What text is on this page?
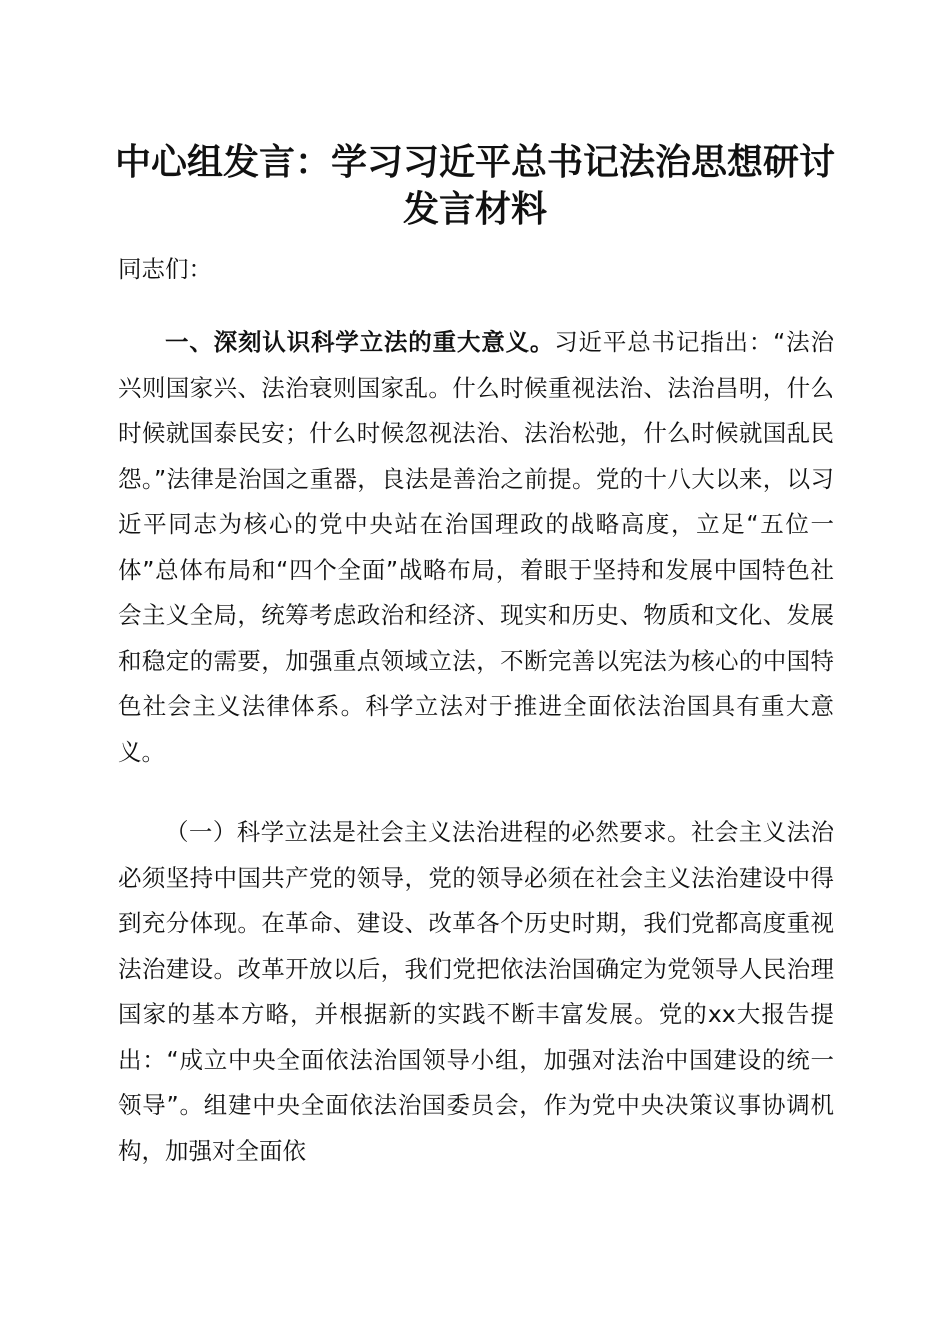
中心组发言：学习习近平总书记法治思想研讨
发言材料

同志们：

一、深刻认识科学立法的重大意义。习近平总书记指出：“法治兴则国家兴、法治衰则国家乱。什么时候重视法治、法治昌明，什么时候就国泰民安；什么时候忽视法治、法治松弛，什么时候就国乱民怨。”法律是治国之重器，良法是善治之前提。党的十八大以来，以习近平同志为核心的党中央站在治国理政的战略高度，立足“五位一体”总体布局和“四个全面”战略布局，着眼于坚持和发展中国特色社会主义全局，统筹考虑政治和经济、现实和历史、物质和文化、发展和稳定的需要，加强重点领域立法，不断完善以宪法为核心的中国特色社会主义法律体系。科学立法对于推进全面依法治国具有重大意义。

（一）科学立法是社会主义法治进程的必然要求。社会主义法治必须坚持中国共产党的领导，党的领导必须在社会主义法治建设中得到充分体现。在革命、建设、改革各个历史时期，我们党都高度重视法治建设。改革开放以后，我们党把依法治国确定为党领导人民治理国家的基本方略，并根据新的实践不断丰富发展。党的xx大报告提出：“成立中央全面依法治国领导小组，加强对法治中国建设的统一领导”。组建中央全面依法治国委员会，作为党中央决策议事协调机构，加强对全面依
